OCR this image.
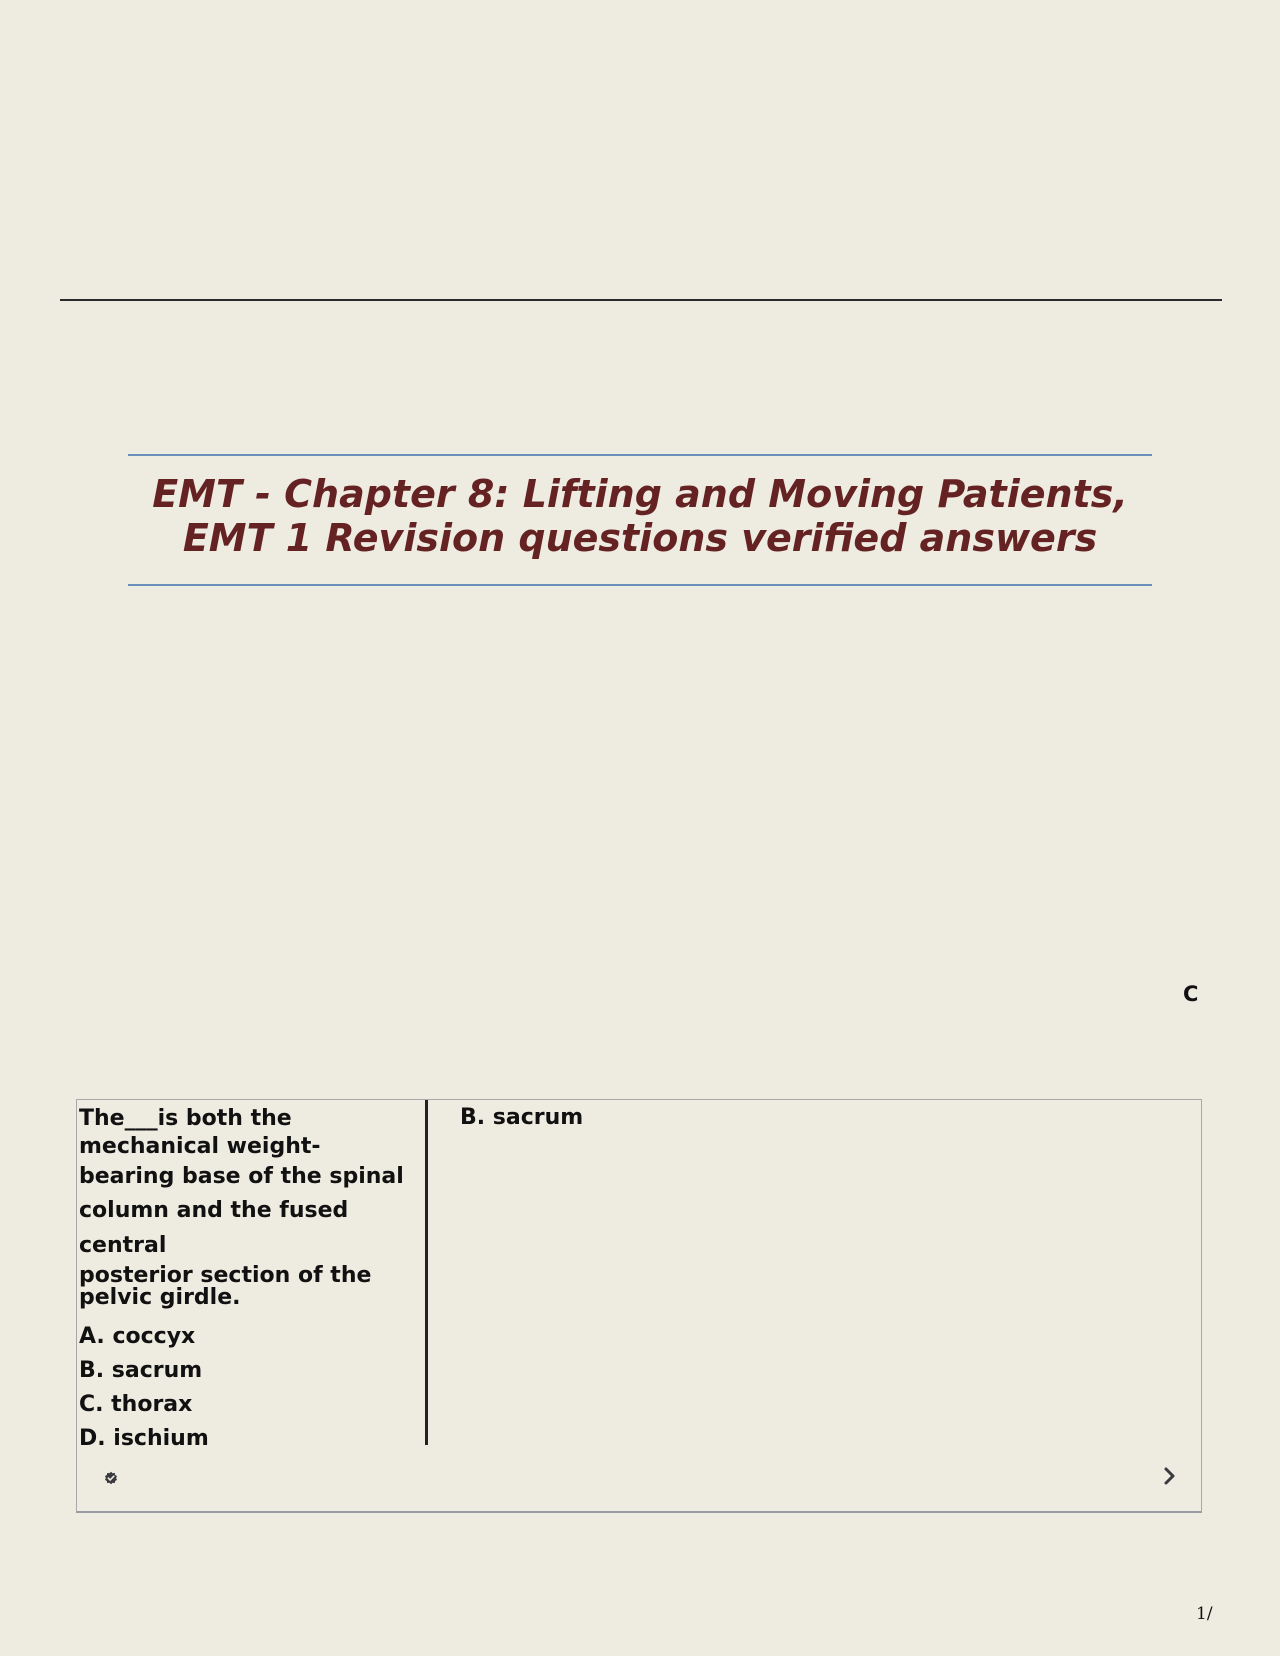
EMT - Chapter 8: Lifting and Moving Patients,
EMT 1 Revision questions verified answers
C
The___is both the
mechanical weight-
bearing base of the spinal
column and the fused
central
posterior section of the
pelvic girdle.
A. coccyx
B. sacrum
C. thorax
D. ischium
B. sacrum
1/
